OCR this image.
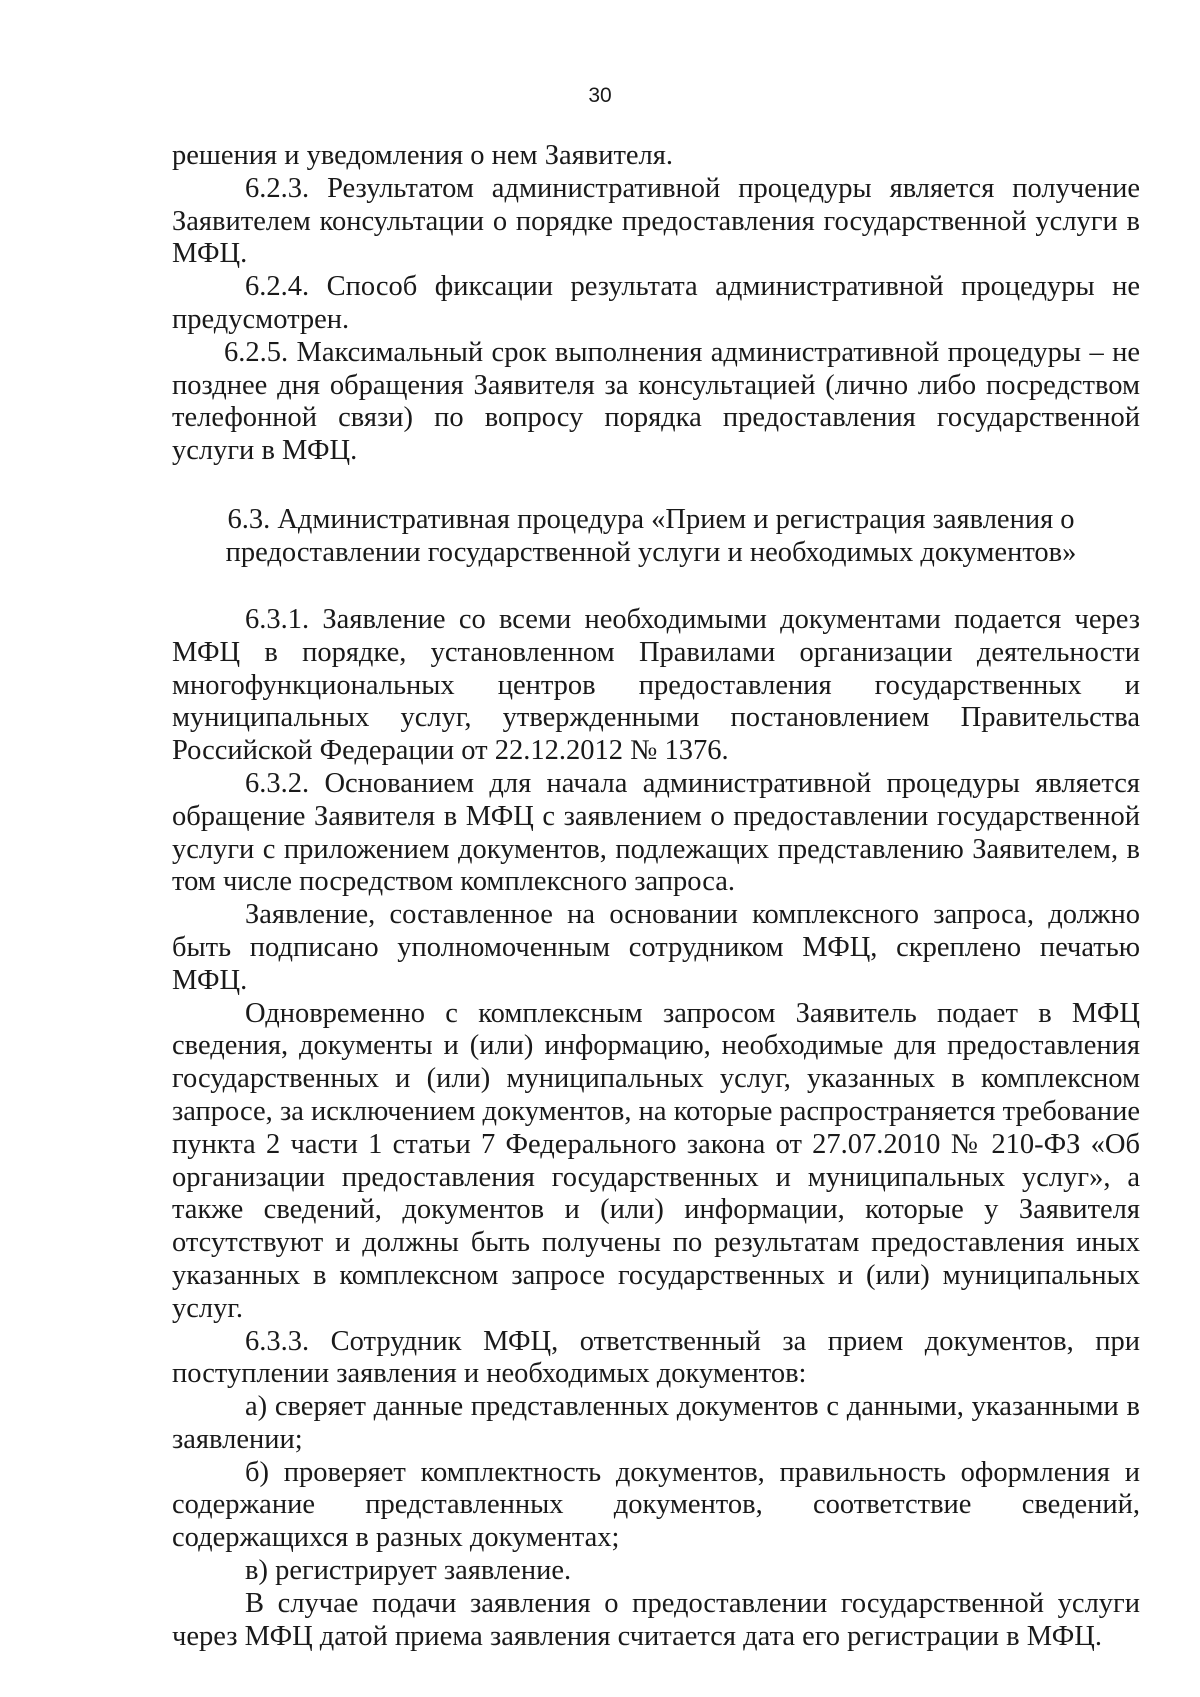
30

решения и уведомления о нем Заявителя.

6.2.3. Результатом административной процедуры является получение Заявителем консультации о порядке предоставления государственной услуги в МФЦ.

6.2.4. Способ фиксации результата административной процедуры не предусмотрен.

6.2.5. Максимальный срок выполнения административной процедуры – не позднее дня обращения Заявителя за консультацией (лично либо посредством телефонной связи) по вопросу порядка предоставления государственной услуги в МФЦ.

6.3. Административная процедура «Прием и регистрация заявления о предоставлении государственной услуги и необходимых документов»

6.3.1. Заявление со всеми необходимыми документами подается через МФЦ в порядке, установленном Правилами организации деятельности многофункциональных центров предоставления государственных и муниципальных услуг, утвержденными постановлением Правительства Российской Федерации от 22.12.2012 № 1376.

6.3.2. Основанием для начала административной процедуры является обращение Заявителя в МФЦ с заявлением о предоставлении государственной услуги с приложением документов, подлежащих представлению Заявителем, в том числе посредством комплексного запроса.

Заявление, составленное на основании комплексного запроса, должно быть подписано уполномоченным сотрудником МФЦ, скреплено печатью МФЦ.

Одновременно с комплексным запросом Заявитель подает в МФЦ сведения, документы и (или) информацию, необходимые для предоставления государственных и (или) муниципальных услуг, указанных в комплексном запросе, за исключением документов, на которые распространяется требование пункта 2 части 1 статьи 7 Федерального закона от 27.07.2010 № 210-ФЗ «Об организации предоставления государственных и муниципальных услуг», а также сведений, документов и (или) информации, которые у Заявителя отсутствуют и должны быть получены по результатам предоставления иных указанных в комплексном запросе государственных и (или) муниципальных услуг.

6.3.3. Сотрудник МФЦ, ответственный за прием документов, при поступлении заявления и необходимых документов:

а) сверяет данные представленных документов с данными, указанными в заявлении;

б) проверяет комплектность документов, правильность оформления и содержание представленных документов, соответствие сведений, содержащихся в разных документах;

в) регистрирует заявление.

В случае подачи заявления о предоставлении государственной услуги через МФЦ датой приема заявления считается дата его регистрации в МФЦ.
